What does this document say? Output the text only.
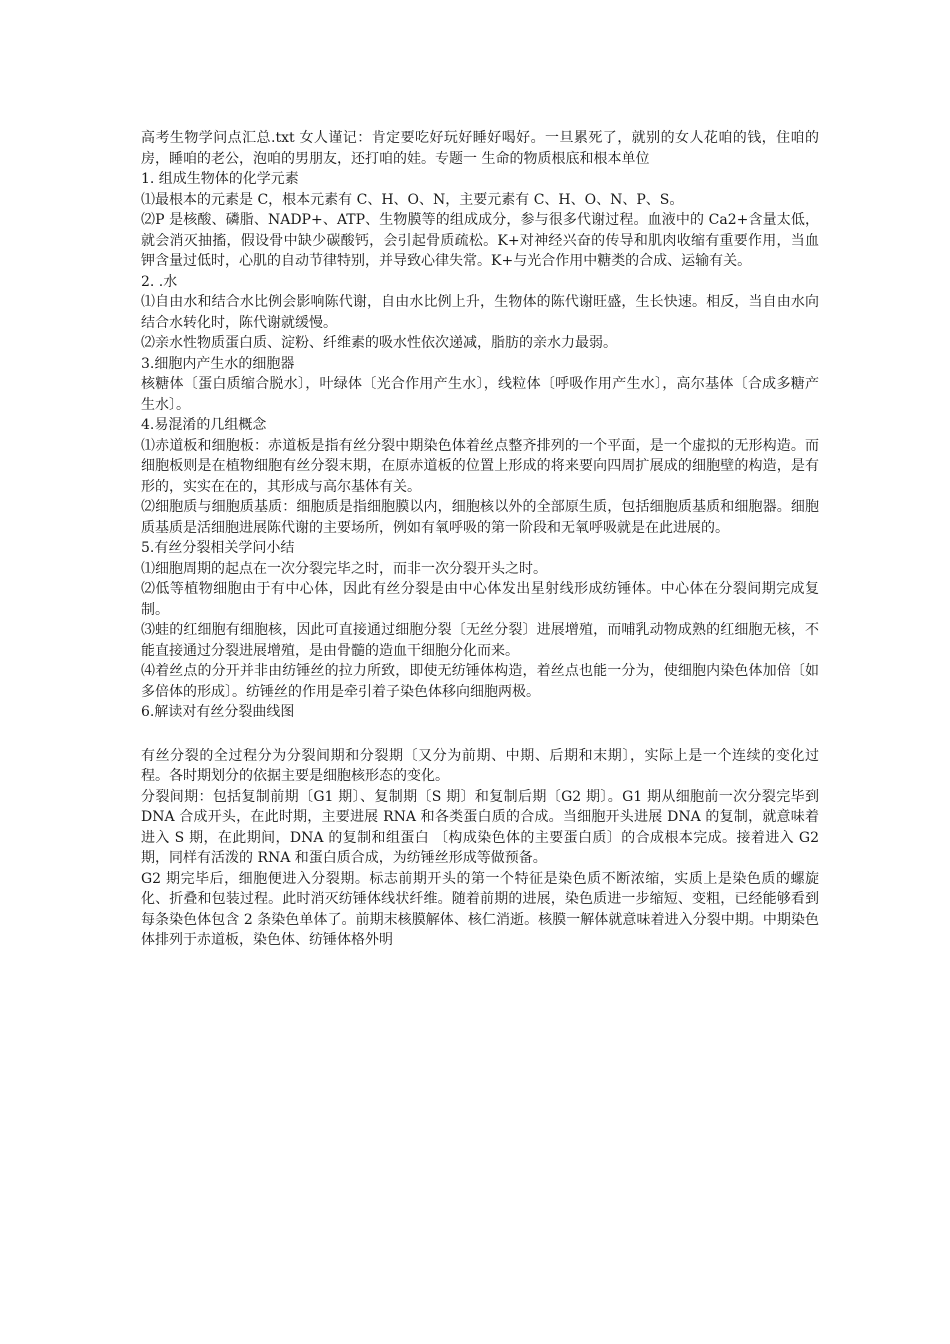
高考生物学问点汇总.txt 女人谨记：肯定要吃好玩好睡好喝好。一旦累死了，就别的女人花咱的钱，住咱的 房，睡咱的老公，泡咱的男朋友，还打咱的娃。专题一 生命的物质根底和根本单位

1. 组成生物体的化学元素

⑴最根本的元素是 C，根本元素有 C、H、O、N，主要元素有 C、H、O、N、P、S。

⑵P 是核酸、磷脂、NADP+、ATP、生物膜等的组成成分，参与很多代谢过程。血液中的 Ca2+含量太低，就会消灭抽搐，假设骨中缺少碳酸钙，会引起骨质疏松。K+对神经兴奋的传导和肌肉收缩有重要作用，当血钾含量过低时，心肌的自动节律特别，并导致心律失常。K+与光合作用中糖类的合成、运输有关。

2. .水

⑴自由水和结合水比例会影响陈代谢，自由水比例上升，生物体的陈代谢旺盛，生长快速。相反，当自由水向结合水转化时，陈代谢就缓慢。

⑵亲水性物质蛋白质、淀粉、纤维素的吸水性依次递减，脂肪的亲水力最弱。

3.细胞内产生水的细胞器

核糖体〔蛋白质缩合脱水〕，叶绿体〔光合作用产生水〕，线粒体〔呼吸作用产生水〕，高尔基体〔合成多糖产生水〕。

4.易混淆的几组概念

⑴赤道板和细胞板：赤道板是指有丝分裂中期染色体着丝点整齐排列的一个平面，是一个虚拟的无形构造。而细胞板则是在植物细胞有丝分裂末期，在原赤道板的位置上形成的将来要向四周扩展成的细胞壁的构造，是有形的，实实在在的，其形成与高尔基体有关。

⑵细胞质与细胞质基质：细胞质是指细胞膜以内，细胞核以外的全部原生质，包括细胞质基质和细胞器。细胞质基质是活细胞进展陈代谢的主要场所，例如有氧呼吸的第一阶段和无氧呼吸就是在此进展的。

5.有丝分裂相关学问小结

⑴细胞周期的起点在一次分裂完毕之时，而非一次分裂开头之时。

⑵低等植物细胞由于有中心体，因此有丝分裂是由中心体发出星射线形成纺锤体。中心体在分裂间期完成复制。

⑶蛙的红细胞有细胞核，因此可直接通过细胞分裂〔无丝分裂〕进展增殖，而哺乳动物成熟的红细胞无核，不能直接通过分裂进展增殖，是由骨髓的造血干细胞分化而来。

⑷着丝点的分开并非由纺锤丝的拉力所致，即使无纺锤体构造，着丝点也能一分为，使细胞内染色体加倍〔如多倍体的形成〕。纺锤丝的作用是牵引着子染色体移向细胞两极。

6.解读对有丝分裂曲线图

有丝分裂的全过程分为分裂间期和分裂期〔又分为前期、中期、后期和末期〕，实际上是一个连续的变化过程。各时期划分的依据主要是细胞核形态的变化。

分裂间期：包括复制前期〔G1 期〕、复制期〔S 期〕和复制后期〔G2 期〕。G1 期从细胞前一次分裂完毕到 DNA 合成开头，在此时期，主要进展 RNA 和各类蛋白质的合成。当细胞开头进展 DNA 的复制，就意味着进入 S 期，在此期间，DNA 的复制和组蛋白 〔构成染色体的主要蛋白质〕的合成根本完成。接着进入 G2 期，同样有活泼的 RNA 和蛋白质合成，为纺锤丝形成等做预备。

G2 期完毕后，细胞便进入分裂期。标志前期开头的第一个特征是染色质不断浓缩，实质上是染色质的螺旋化、折叠和包装过程。此时消灭纺锤体线状纤维。随着前期的进展，染色质进一步缩短、变粗，已经能够看到每条染色体包含 2 条染色单体了。前期末核膜解体、核仁消逝。核膜一解体就意味着进入分裂中期。中期染色体排列于赤道板，染色体、纺锤体格外明
